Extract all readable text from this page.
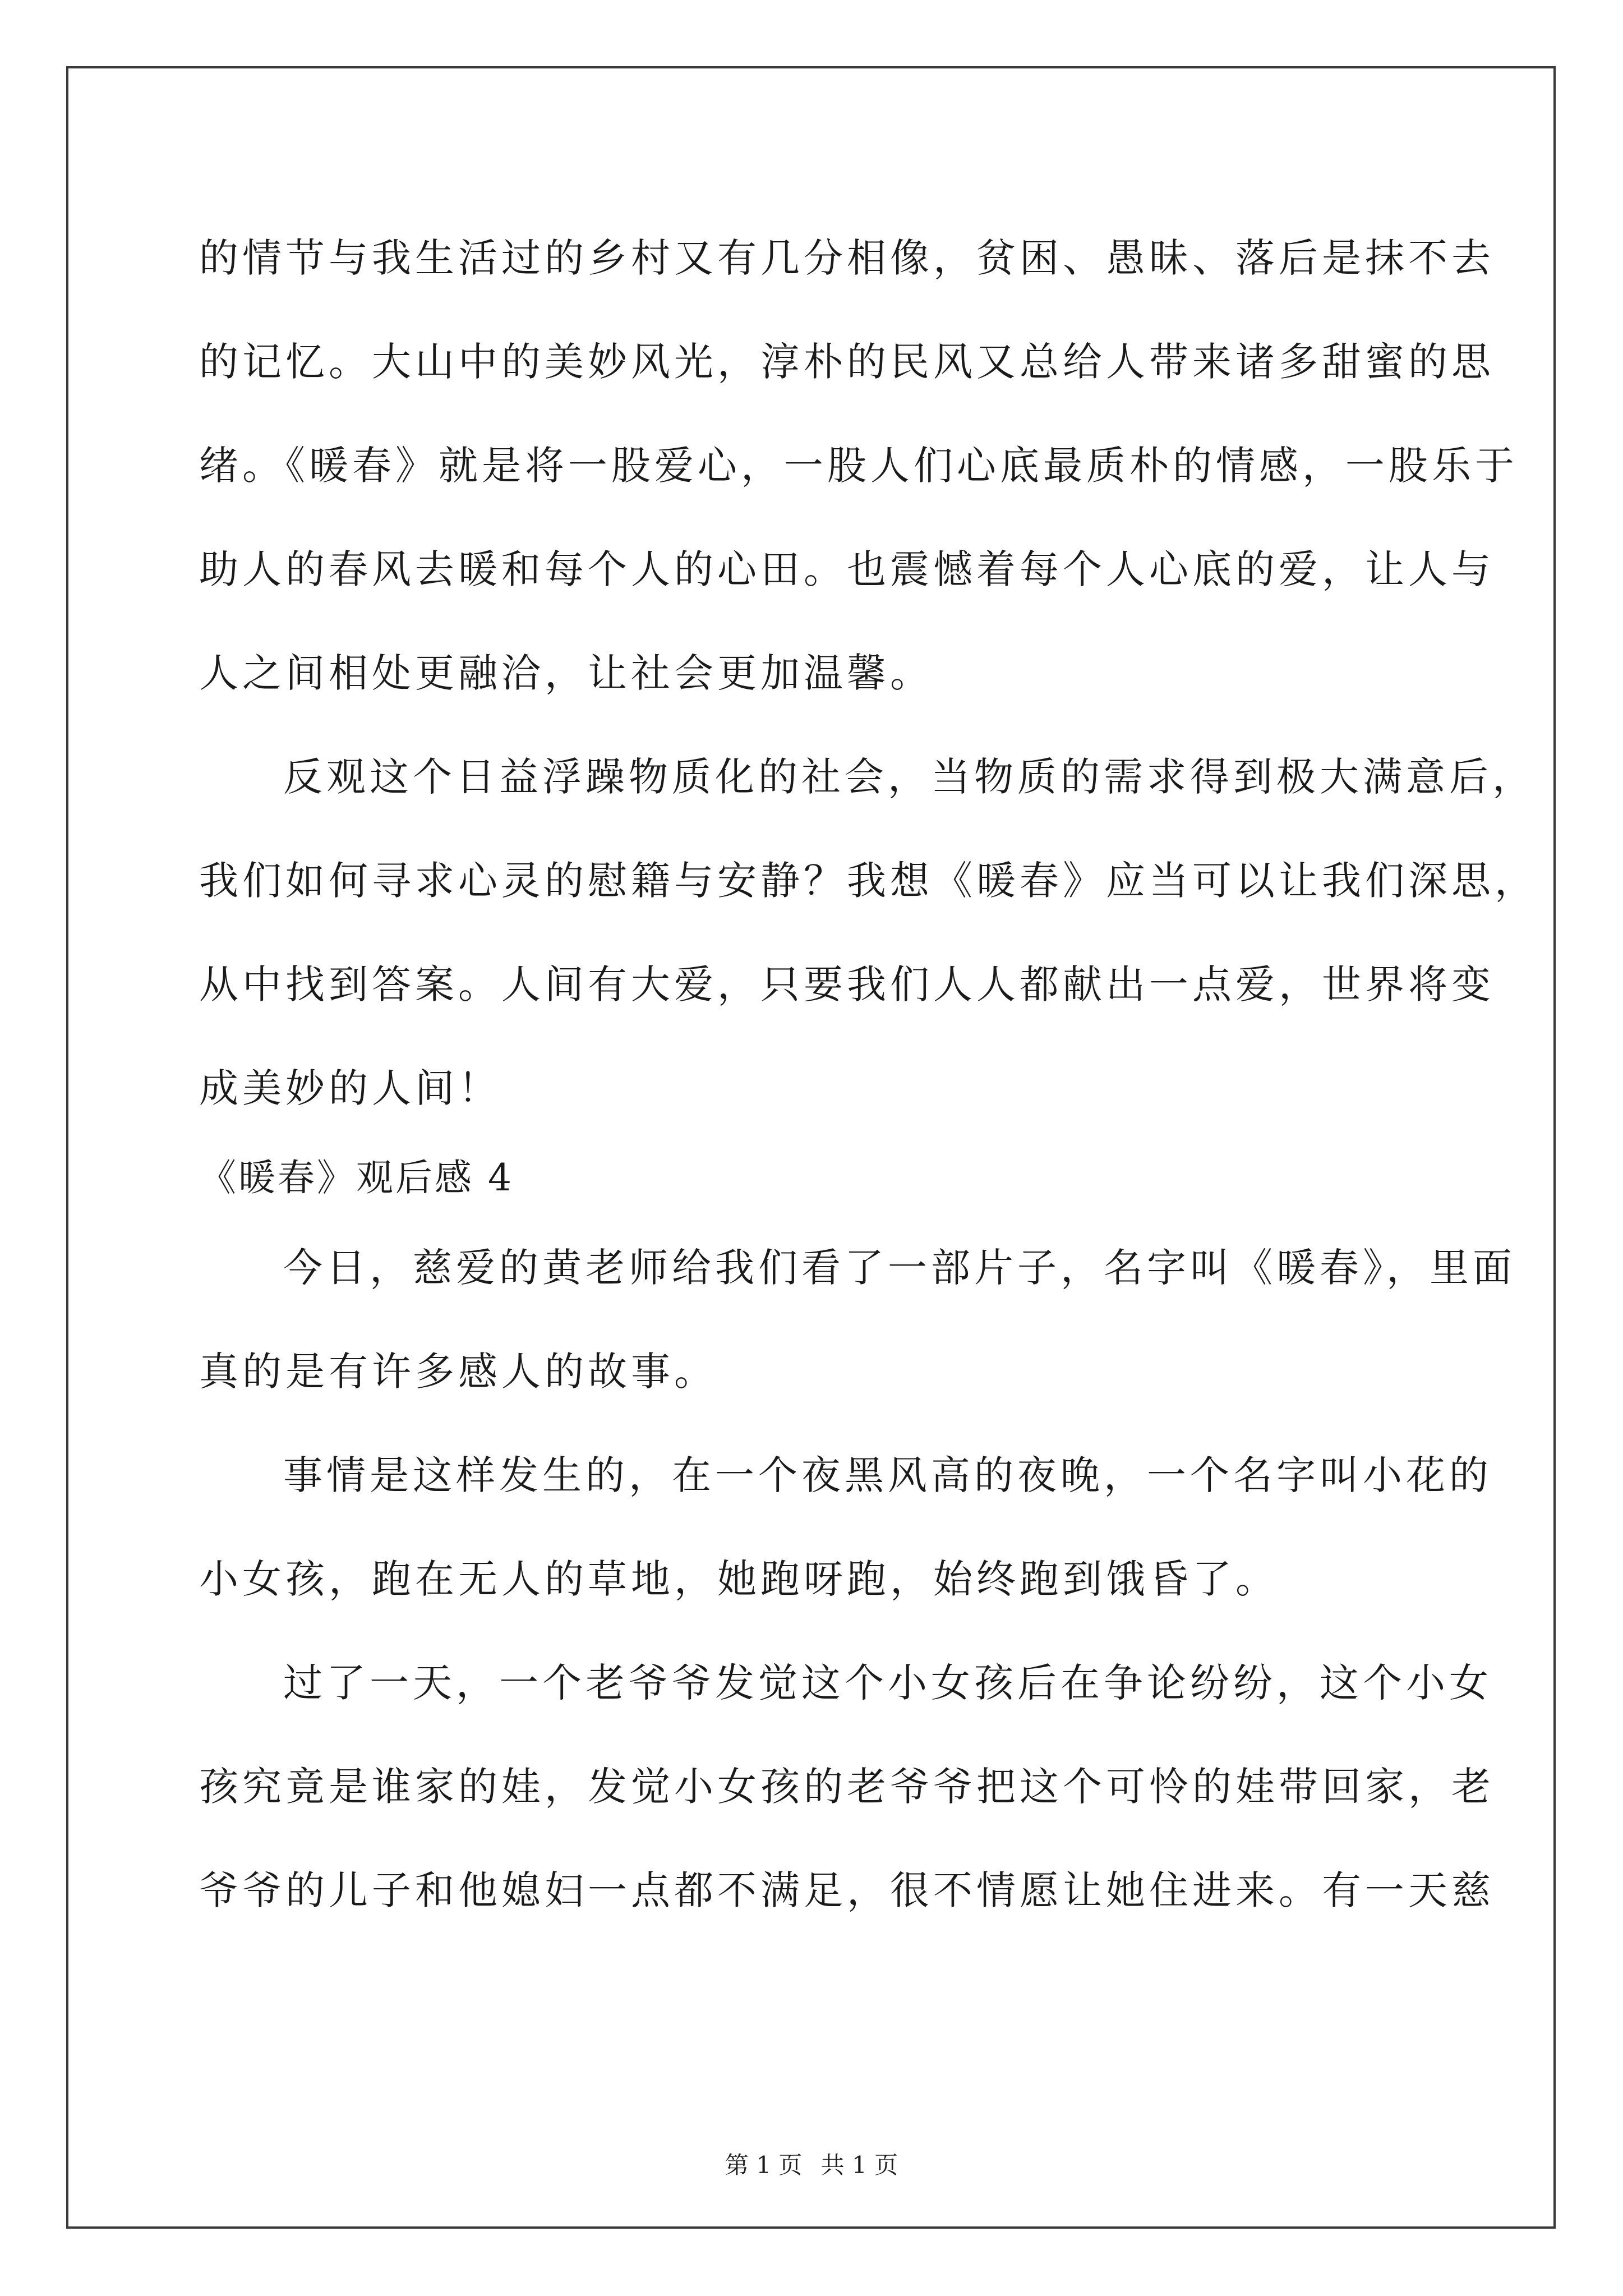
的情节与我生活过的乡村又有几分相像，贫困、愚昧、落后是抹不去
的记忆。大山中的美妙风光，淳朴的民风又总给人带来诸多甜蜜的思
绪。《暖春》就是将一股爱心，一股人们心底最质朴的情感，一股乐于
助人的春风去暖和每个人的心田。也震憾着每个人心底的爱，让人与
人之间相处更融洽，让社会更加温馨。
反观这个日益浮躁物质化的社会，当物质的需求得到极大满意后，
我们如何寻求心灵的慰籍与安静？我想《暖春》应当可以让我们深思，
从中找到答案。人间有大爱，只要我们人人都献出一点爱，世界将变
成美妙的人间！
《暖春》观后感 4
今日，慈爱的黄老师给我们看了一部片子，名字叫《暖春》，里面
真的是有许多感人的故事。
事情是这样发生的，在一个夜黑风高的夜晚，一个名字叫小花的
小女孩，跑在无人的草地，她跑呀跑，始终跑到饿昏了。
过了一天，一个老爷爷发觉这个小女孩后在争论纷纷，这个小女
孩究竟是谁家的娃，发觉小女孩的老爷爷把这个可怜的娃带回家，老
爷爷的儿子和他媳妇一点都不满足，很不情愿让她住进来。有一天慈
第 1 页 共 1 页
